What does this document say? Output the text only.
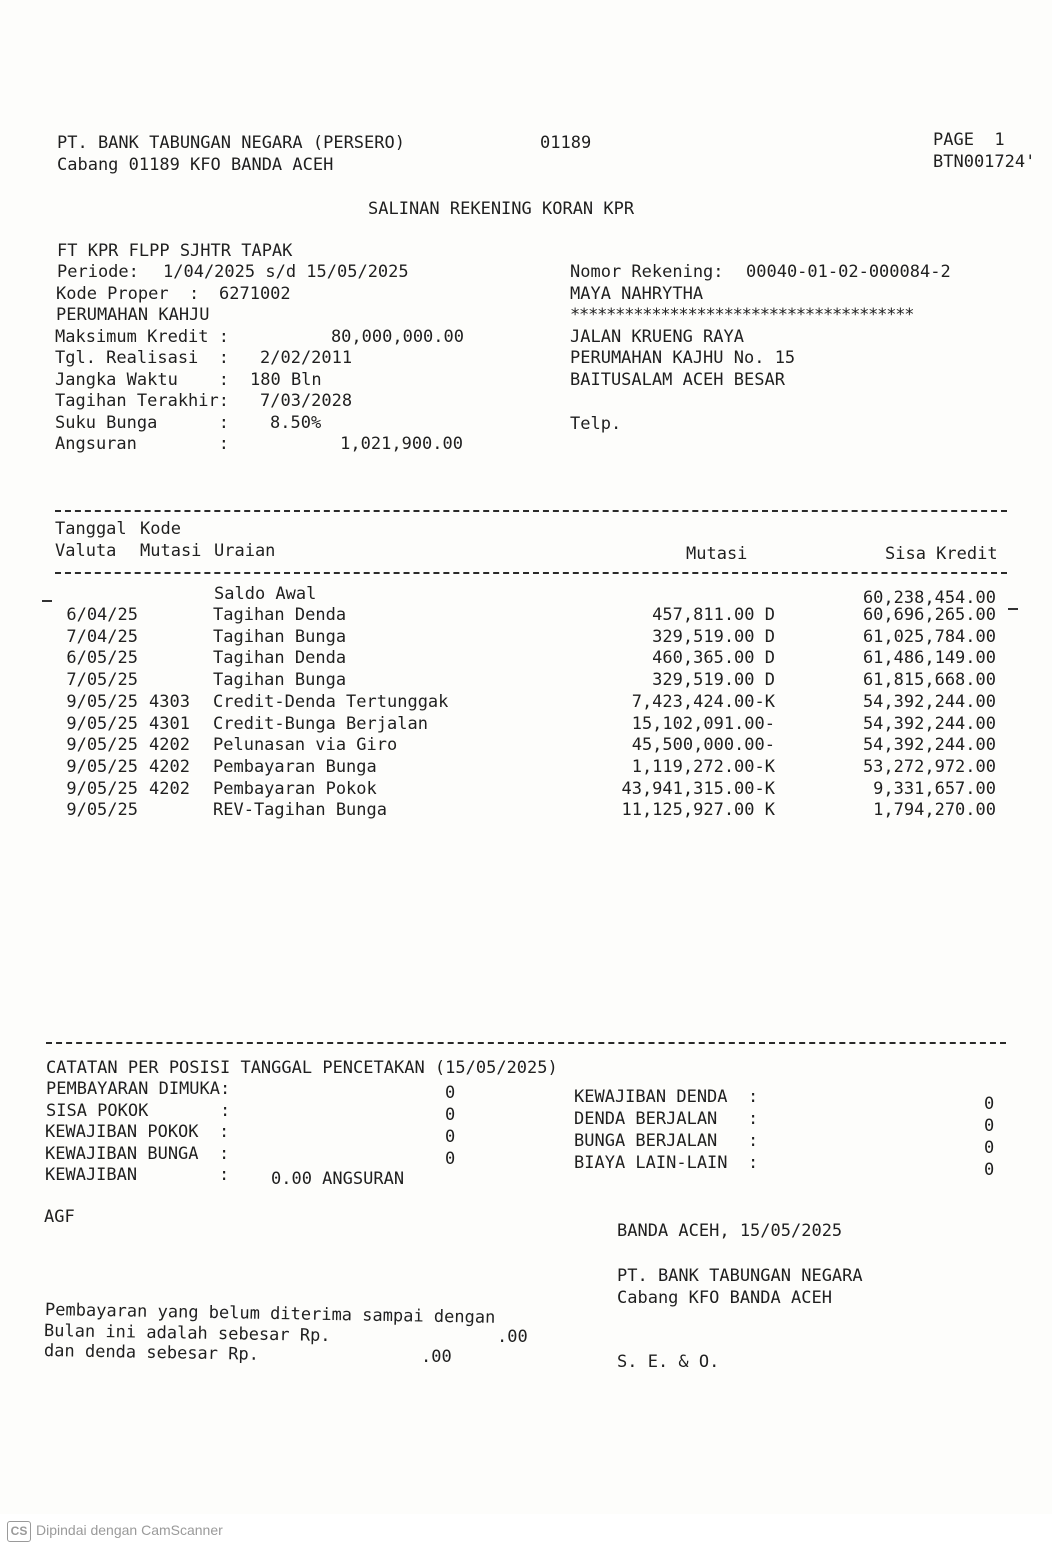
PT. BANK TABUNGAN NEGARA (PERSERO)
Cabang 01189 KFO BANDA ACEH
01189	PAGE  1
BTN001724'
SALINAN REKENING KORAN KPR
FT KPR FLPP SJHTR TAPAK
Periode: 1/04/2025 s/d 15/05/2025
Kode Proper  : 6271002
PERUMAHAN KAHJU
Maksimum Kredit :	80,000,000.00
Tgl. Realisasi  : 2/02/2011
Jangka Waktu    : 180 Bln
Tagihan Terakhir: 7/03/2028
Suku Bunga      : 8.50%
Angsuran        :	1,021,900.00
Nomor Rekening: 00040-01-02-000084-2
MAYA NAHRYTHA
**************************************
JALAN KRUENG RAYA
PERUMAHAN KAJHU No. 15
BAITUSALAM ACEH BESAR
Telp.
Tanggal Kode
Valuta Mutasi Uraian	Mutasi	Sisa Kredit
Saldo Awal	60,238,454.00
6/04/25	Tagihan Denda	457,811.00 D	60,696,265.00
7/04/25	Tagihan Bunga	329,519.00 D	61,025,784.00
6/05/25	Tagihan Denda	460,365.00 D	61,486,149.00
7/05/25	Tagihan Bunga	329,519.00 D	61,815,668.00
9/05/25 4303 Credit-Denda Tertunggak	7,423,424.00-K	54,392,244.00
9/05/25 4301 Credit-Bunga Berjalan	15,102,091.00-	54,392,244.00
9/05/25 4202 Pelunasan via Giro	45,500,000.00-	54,392,244.00
9/05/25 4202 Pembayaran Bunga	1,119,272.00-K	53,272,972.00
9/05/25 4202 Pembayaran Pokok	43,941,315.00-K	9,331,657.00
9/05/25	REV-Tagihan Bunga	11,125,927.00 K	1,794,270.00
CATATAN PER POSISI TANGGAL PENCETAKAN (15/05/2025)
PEMBAYARAN DIMUKA:	0
SISA POKOK       :	0
KEWAJIBAN POKOK  :	0
KEWAJIBAN BUNGA  :	0
KEWAJIBAN        : 0.00 ANGSURAN
KEWAJIBAN DENDA  :	0
DENDA BERJALAN   :	0
BUNGA BERJALAN   :	0
BIAYA LAIN-LAIN  :	0
AGF
BANDA ACEH, 15/05/2025
PT. BANK TABUNGAN NEGARA
Cabang KFO BANDA ACEH
S. E. & O.
Pembayaran yang belum diterima sampai dengan
Bulan ini adalah sebesar Rp.	.00
dan denda sebesar Rp.	.00
CS Dipindai dengan CamScanner
